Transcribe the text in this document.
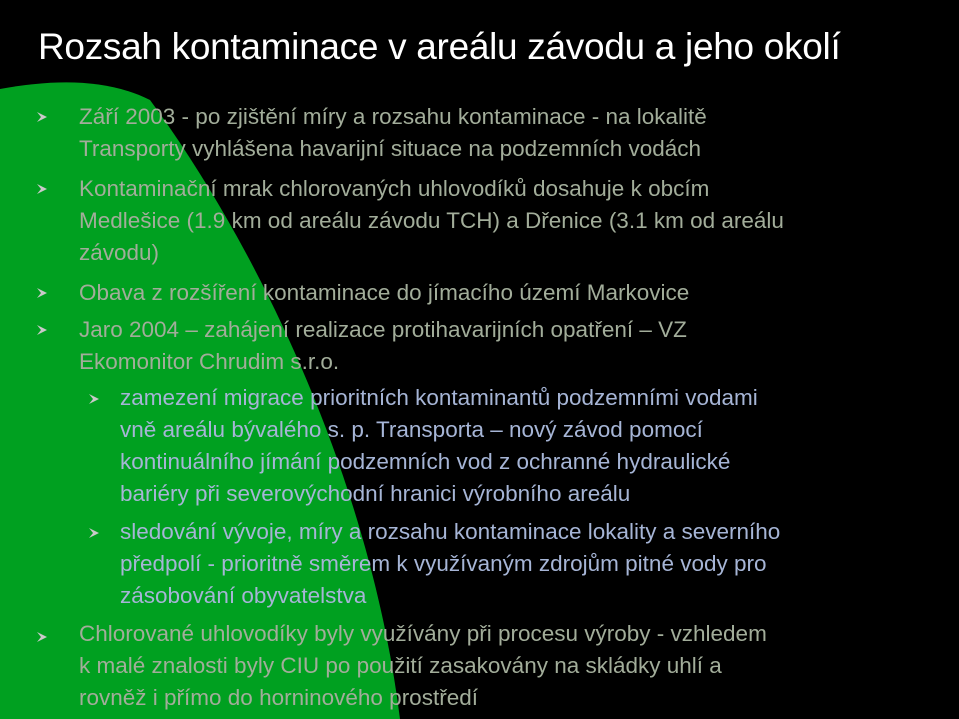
Rozsah kontaminace v areálu závodu a jeho okolí
Září 2003 - po zjištění míry a rozsahu kontaminace - na lokalitě
Transporty vyhlášena havarijní situace na podzemních vodách
Kontaminační mrak chlorovaných uhlovodíků dosahuje k obcím
Medlešice (1.9 km od areálu závodu TCH) a Dřenice (3.1 km od areálu
závodu)
Obava z rozšíření kontaminace do jímacího území Markovice
Jaro 2004 – zahájení realizace protihavarijních opatření – VZ
Ekomonitor Chrudim s.r.o.
zamezení migrace prioritních kontaminantů podzemními vodami
vně areálu bývalého s. p. Transporta – nový závod pomocí
kontinuálního jímání podzemních vod z ochranné hydraulické
bariéry při severovýchodní hranici výrobního areálu
sledování vývoje, míry a rozsahu kontaminace lokality a severního
předpolí - prioritně směrem k využívaným zdrojům pitné vody pro
zásobování obyvatelstva
Chlorované uhlovodíky byly využívány při procesu výroby - vzhledem
k malé znalosti byly CIU po použití zasakovány na skládky uhlí a
rovněž i přímo do horninového prostředí
